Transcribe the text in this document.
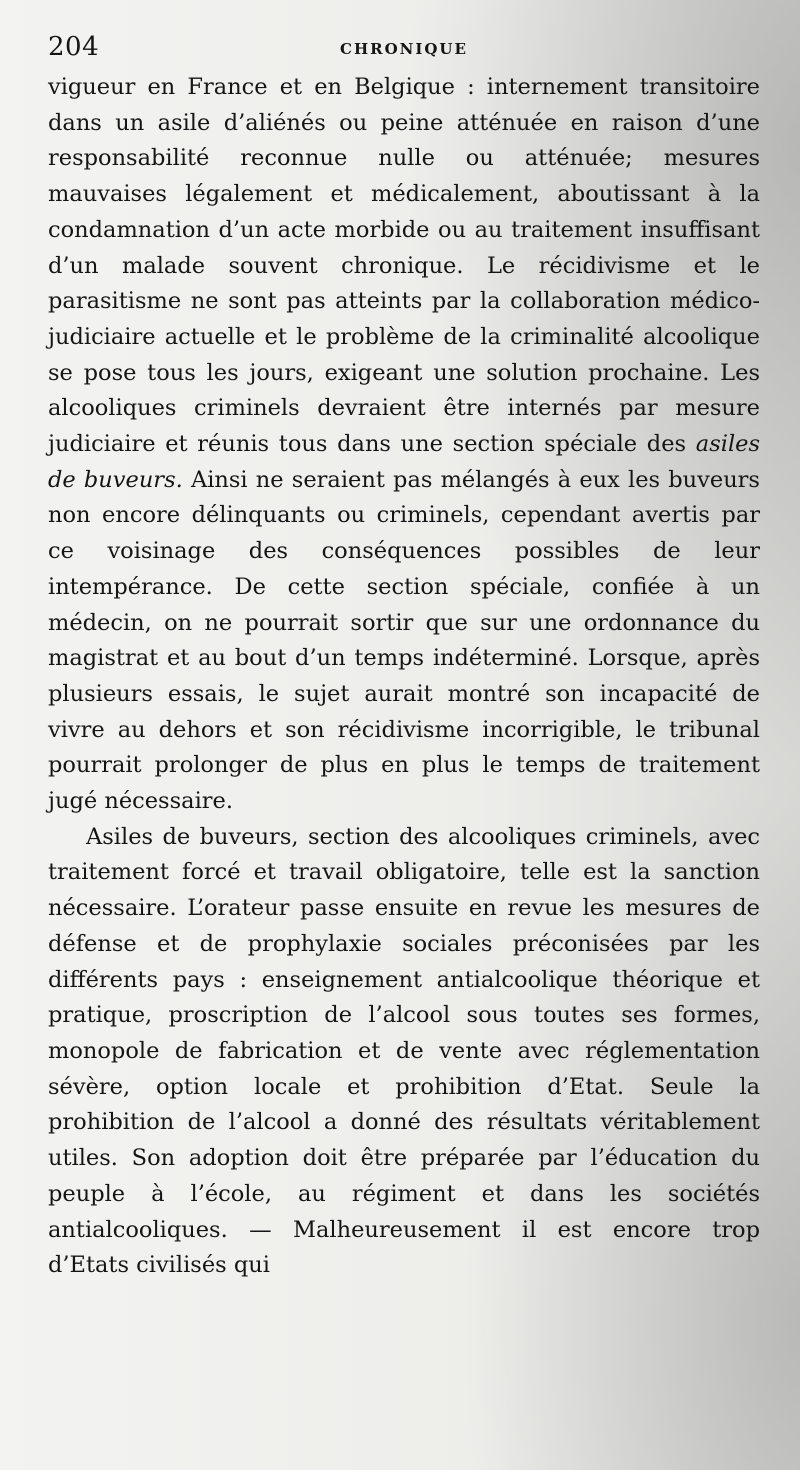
204	CHRONIQUE

vigueur en France et en Belgique : internement transitoire dans un asile d’aliénés ou peine atténuée en raison d’une responsabilité reconnue nulle ou atténuée; mesures mauvaises légalement et médicalement, aboutissant à la condamnation d’un acte morbide ou au traitement insuffisant d’un malade souvent chronique. Le récidivisme et le parasitisme ne sont pas atteints par la collaboration médico-judiciaire actuelle et le problème de la criminalité alcoolique se pose tous les jours, exigeant une solution prochaine. Les alcooliques criminels devraient être internés par mesure judiciaire et réunis tous dans une section spéciale des asiles de buveurs. Ainsi ne seraient pas mélangés à eux les buveurs non encore délinquants ou criminels, cependant avertis par ce voisinage des conséquences possibles de leur intempérance. De cette section spéciale, confiée à un médecin, on ne pourrait sortir que sur une ordonnance du magistrat et au bout d’un temps indéterminé. Lorsque, après plusieurs essais, le sujet aurait montré son incapacité de vivre au dehors et son récidivisme incorrigible, le tribunal pourrait prolonger de plus en plus le temps de traitement jugé nécessaire.

Asiles de buveurs, section des alcooliques criminels, avec traitement forcé et travail obligatoire, telle est la sanction nécessaire. L’orateur passe ensuite en revue les mesures de défense et de prophylaxie sociales préconisées par les différents pays : enseignement antialcoolique théorique et pratique, proscription de l’alcool sous toutes ses formes, monopole de fabrication et de vente avec réglementation sévère, option locale et prohibition d’Etat. Seule la prohibition de l’alcool a donné des résultats véritablement utiles. Son adoption doit être préparée par l’éducation du peuple à l’école, au régiment et dans les sociétés antialcooliques. — Malheureusement il est encore trop d’Etats civilisés qui
